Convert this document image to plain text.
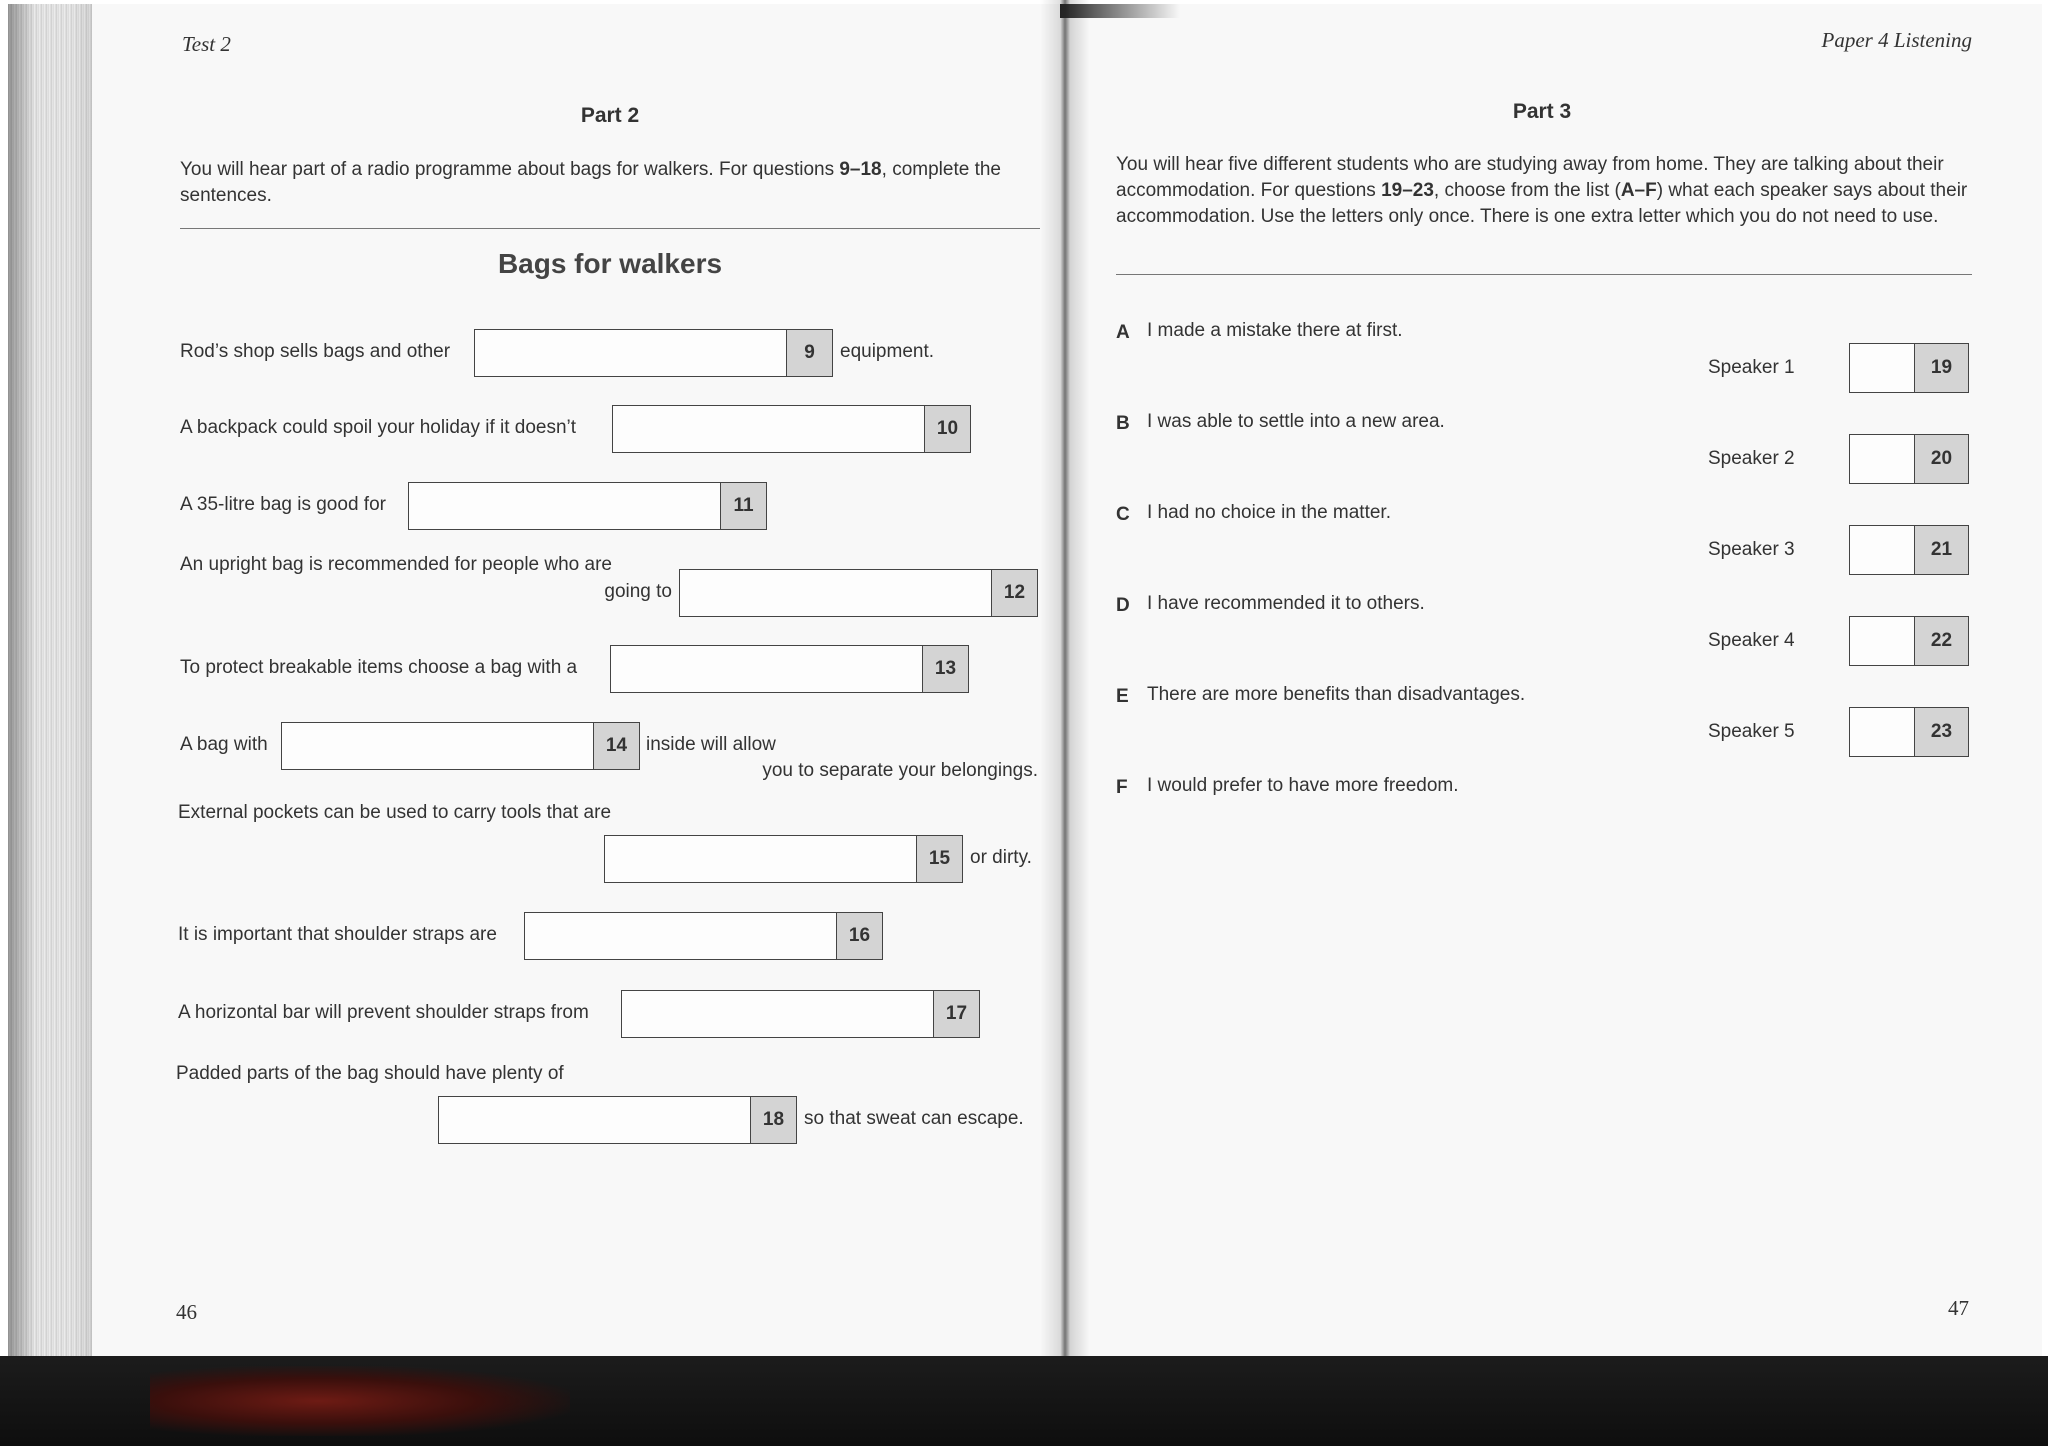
Test 2
Part 2
You will hear part of a radio programme about bags for walkers. For questions 9–18, complete the sentences.
Bags for walkers
Rod’s shop sells bags and other	9	equipment.
A backpack could spoil your holiday if it doesn’t	10
A 35-litre bag is good for	11
An upright bag is recommended for people who are
going to	12
To protect breakable items choose a bag with a	13
A bag with	14 inside will allow
you to separate your belongings.
External pockets can be used to carry tools that are
15	or dirty.
It is important that shoulder straps are	16
A horizontal bar will prevent shoulder straps from	17
Padded parts of the bag should have plenty of
18	so that sweat can escape.
46
Paper 4 Listening
Part 3
You will hear five different students who are studying away from home. They are talking about their accommodation. For questions 19–23, choose from the list (A–F) what each speaker says about their accommodation. Use the letters only once. There is one extra letter which you do not need to use.
A I made a mistake there at first.
B I was able to settle into a new area.
C I had no choice in the matter.
D I have recommended it to others.
E There are more benefits than disadvantages.
F I would prefer to have more freedom.
Speaker 1	19
Speaker 2	20
Speaker 3	21
Speaker 4	22
Speaker 5	23
47
